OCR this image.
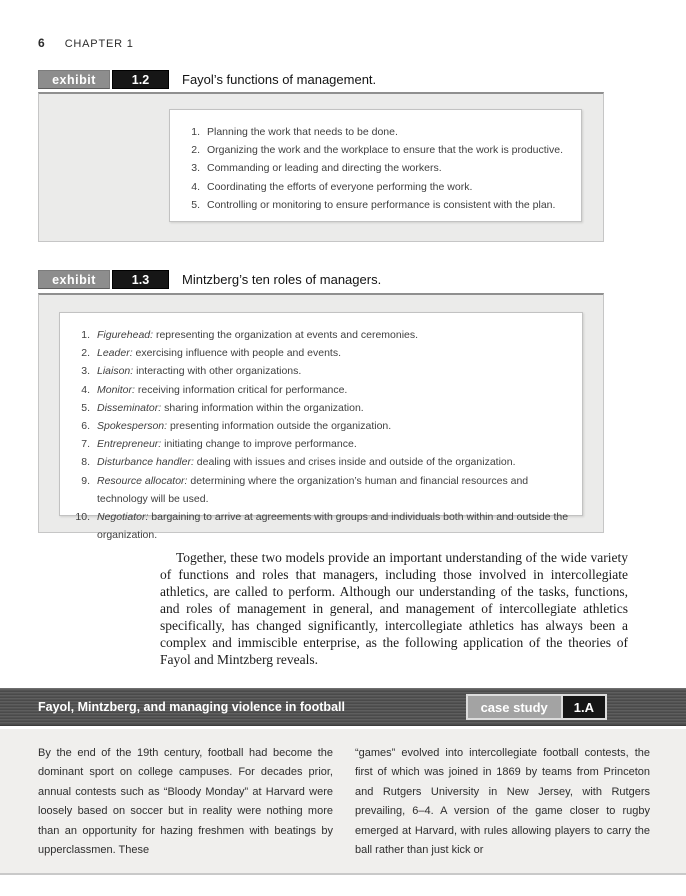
6 CHAPTER 1
exhibit	1.2	Fayol’s functions of management.
1. Planning the work that needs to be done.
2. Organizing the work and the workplace to ensure that the work is productive.
3. Commanding or leading and directing the workers.
4. Coordinating the efforts of everyone performing the work.
5. Controlling or monitoring to ensure performance is consistent with the plan.
exhibit	1.3	Mintzberg’s ten roles of managers.
1. Figurehead: representing the organization at events and ceremonies.
2. Leader: exercising influence with people and events.
3. Liaison: interacting with other organizations.
4. Monitor: receiving information critical for performance.
5. Disseminator: sharing information within the organization.
6. Spokesperson: presenting information outside the organization.
7. Entrepreneur: initiating change to improve performance.
8. Disturbance handler: dealing with issues and crises inside and outside of the organization.
9. Resource allocator: determining where the organization’s human and financial resources and technology will be used.
10. Negotiator: bargaining to arrive at agreements with groups and individuals both within and outside the organization.

Together, these two models provide an important understanding of the wide variety of functions and roles that managers, including those involved in intercollegiate athletics, are called to perform. Although our understanding of the tasks, functions, and roles of management in general, and management of intercollegiate athletics specifically, has changed significantly, intercollegiate athletics has always been a complex and immiscible enterprise, as the following application of the theories of Fayol and Mintzberg reveals.

Fayol, Mintzberg, and managing violence in football	case study	1.A
By the end of the 19th century, football had become the dominant sport on college campuses. For decades prior, annual contests such as “Bloody Monday” at Harvard were loosely based on soccer but in reality were nothing more than an opportunity for hazing freshmen with beatings by upperclassmen. These
“games” evolved into intercollegiate football contests, the first of which was joined in 1869 by teams from Princeton and Rutgers University in New Jersey, with Rutgers prevailing, 6–4. A version of the game closer to rugby emerged at Harvard, with rules allowing players to carry the ball rather than just kick or
